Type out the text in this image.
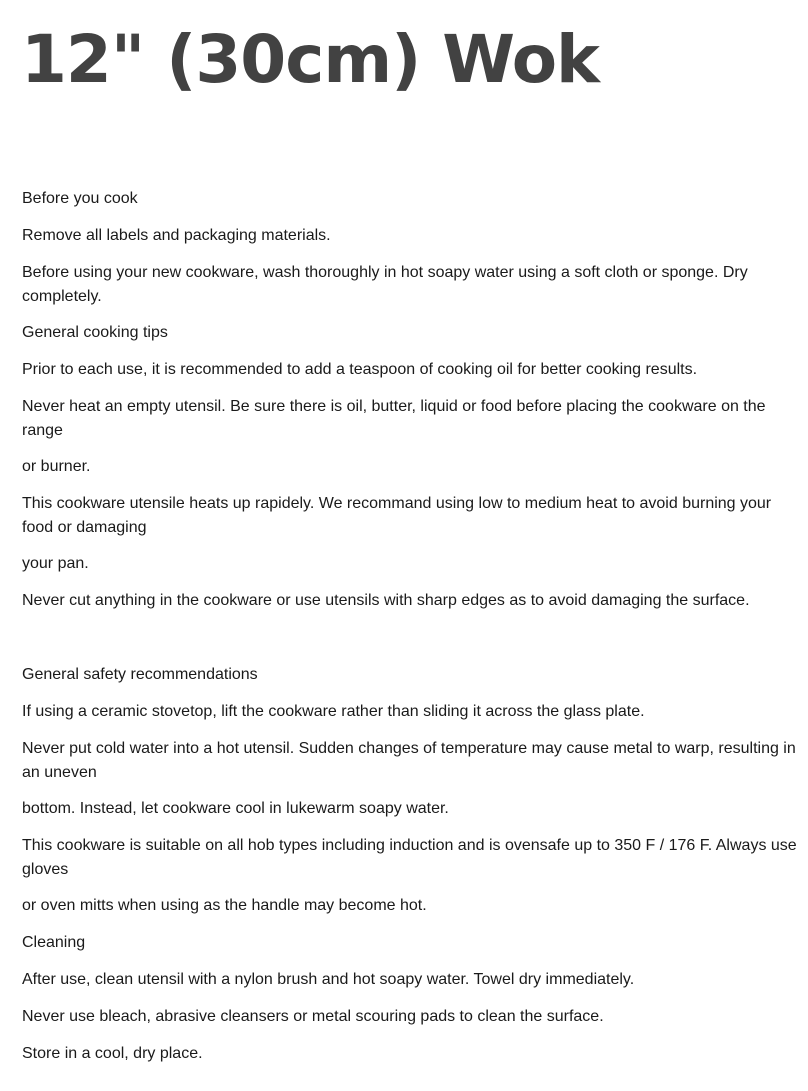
12" (30cm) Wok

Before you cook

Remove all labels and packaging materials.

Before using your new cookware, wash thoroughly in hot soapy water using a soft cloth or sponge. Dry completely.

General cooking tips

Prior to each use, it is recommended to add a teaspoon of cooking oil for better cooking results.

Never heat an empty utensil. Be sure there is oil, butter, liquid or food before placing the cookware on the range

or burner.

This cookware utensile heats up rapidely. We recommand using low to medium heat to avoid burning your food or damaging

your pan.

Never cut anything in the cookware or use utensils with sharp edges as to avoid damaging the surface.

General safety recommendations

If using a ceramic stovetop, lift the cookware rather than sliding it across the glass plate.

Never put cold water into a hot utensil. Sudden changes of temperature may cause metal to warp, resulting in an uneven

bottom. Instead, let cookware cool in lukewarm soapy water.

This cookware is suitable on all hob types including induction and is ovensafe up to 350 F / 176 F. Always use gloves

or oven mitts when using as the handle may become hot.

Cleaning

After use, clean utensil with a nylon brush and hot soapy water. Towel dry immediately.

Never use bleach, abrasive cleansers or metal scouring pads to clean the surface.

Store in a cool, dry place.
